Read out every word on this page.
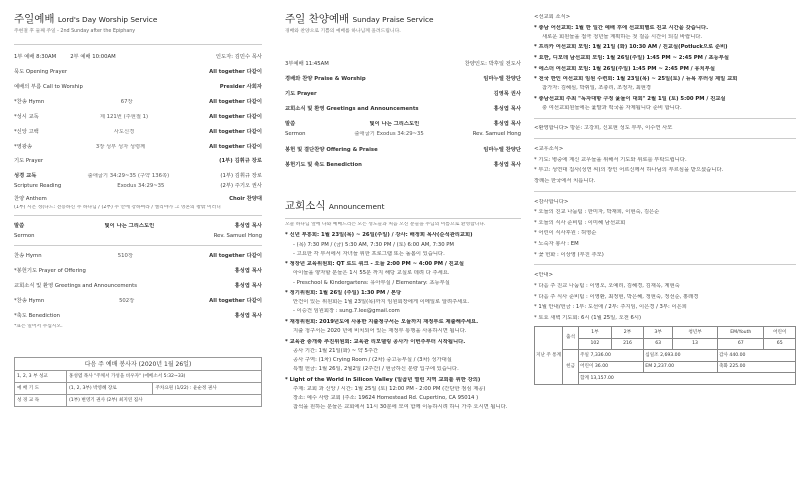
주일예배 Lord's Day Worship Service
주현절 후 둘째 주일 - 2nd Sunday after the Epiphany
1부 예배 8:30AM	2부 예배 10:00AM	인도자: 김민수 목사
묵도 Opening Prayer	All together 다같이
예배의 부름 Call to Worship	Presider 사회자
*찬송 Hymn	67장	All together 다같이
*성시 교독	제 121번 (주현절 1)	All together 다같이
*신앙 고백	사도신경	All together 다같이
*영광송	3장 성부 성자 성령께	All together 다같이
기도 Prayer	(1부) 김휘규 장로
성경 교독	출애굽기 34:29~35 (구약 136쪽)	(1부) 김휘규 장로
Scripture Reading	Exodus 34:29~35	(2부) 주기오 권사
찬양 Anthem	Choir 찬양대
(1부) 시온 성(다드: 전능하신 주 하나님 / (2부) 주 안에 강하여라 / 엘리야가 그 영혼의 창밖 이러니
말씀	빛이 나는 그리스도인	홍성엽 목사
Sermon	Rev. Samuel Hong
찬송 Hymn	510장	All together 다같이
*봉헌기도 Prayer of Offering	홍성엽 목사
교회소식 및 환영 Greetings and Announcements	홍성엽 목사
*찬송 Hymn	502장	All together 다같이
*축도 Benediction	홍성엽 목사
*표는 일어서 주십시오.
다음 주 예배 봉사자 (2020년 1월 26일)		
1, 2, 3 부 성교	홍성엽 목사 "주께서 가성을 비우자" (에베소서 5:32~33)	
예 배 기 도	(1, 2, 3부) 박영혜 장로	주차요원 (1/22) : 윤순정 권사
성 경 교 독	(1부) 변영기 권사 (2부) 최지연 집사	
주일 찬양예배 Sunday Praise Service
경배와 찬양으로 기쁨의 예배를 하나님께 올려드립니다.
3부예배 11:45AM	찬양인도: 박후일 전도사
경배와 찬양 Praise & Worship	임마누엘 찬양단
기도 Prayer	김영목 권사
교회소식 및 환영 Greetings and Announcements	홍성엽 목사
말씀	빛이 나는 그리스도인	홍성엽 목사
Sermon	출애굽기 Exodus 34:29~35	Rev. Samuel Hong
봉헌 및 결단찬양 Offering & Praise	임마누엘 찬양단
봉헌기도 및 축도 Benediction	홍성엽 목사
교회소식 Announcement
오늘 하나님 앞에 나와 예배드리는 모든 성도들과 처음 오신 분들을 주님의 이름으로 환영합니다.

* 신년 부흥회: 1월 23일(목) ~ 26일(주일) / 강사: 배정희 목사(순석관리교회)

- (목) 7:30 PM / (금) 5:30 AM, 7:30 PM / (토) 6:00 AM, 7:30 PM

- 고요한 각 부서에서 자녀들 위한 프로그램 또는 돌봄이 있습니다.

* 청장년 교육위원회: QT 로드 쿼크 - 오늘 2:00 PM ~ 4:00 PM / 친교실

아이들을 양자할 분들은 1시 55분 까지 해당 교실로 데려 다 주세요.

- Preschool & Kindergartens: 유아부실 / Elementary: 초등부실

* 정기위원회: 1월 26일 (주일) 1:30 PM / 본당

안건이 있는 위원회는 1월 23일(목)까지 임원회장에게 이메일로 알려주세요.

- 이승건 임원회장 : sung.7.lee@gmail.com

* 재정위원회: 2019년도에 사용한 지출청구서는 오늘까지 재정부로 제출해주세요.

지출 청구서는 2020 년에 비치되어 있는 재정부 통행을 사용하시면 됩니다.

* 교육관 증개축 추진위원회: 교육관 리모델링 공사가 이번주부터 시작됩니다.

공사 기간: 1월 21일(화) ~ 약 5주간

공사 구역: (1차) Crying Room / (2차) 중고등부실 / (3차) 성가대실

특별 헌금: 1월 26일, 2월2일 (2주간) / 현금하신 분량 입구에 있습니다.

* Light of the World in Silicon Valley (일곱년 열린 지역 교회를 위한 강의)

주제: 교회 과 신앙 / 시간: 1월 25일 (토) 12:00 PM - 2:00 PM (간단한 점심 제공)

장소: 예수 사랑 교회 (주소: 19624 Homestead Rd. Cupertino, CA 95014 )

참석을 원하는 분들은 교회에서 11시 30분에 모여 함께 이동하시려 하니 가주 오시면 됩니다.

<선교회 소식>

* 충남 어선교회: 1월 한 일간 예배 후에 선교회별로 친교 시간을 갖습니다.

새로운 회원들을 접극 청년들 계획하는 첫 걸음 시간이 되길 바랍니다.

* 프리카 여선교회 모임: 1월 21일 (화) 10:30 AM / 친교실(Potluck으로 준비)

* 요한, 디모데 남선교회 모임: 1월 26일(주일) 1:45 PM ~ 2:45 PM / 초등부실

* 에스더 여선교회 모임: 1월 26일(주일) 1:45 PM ~ 2:45 PM / 유치부실

* 전국 한인 여선교회 임원 수련회: 1월 23일(목) ~ 25일(토) / 뉴욕 후러싱 제일 교회

참가자: 김혜심, 박휘일, 조충리, 조정자, 최현경

* 충남선교회 주최 "독자대항 구정 윷놀이 대회" 2월 1일 (토) 5:00 PM / 친교실

충 여선교회원들에는 윷말과 떡국을 자제됩니다 준비 합니다.

<환영합니다> 방문: 고강희, 신효현 성도 부부, 이수연 사모

<교우소식>

* 기도: 병중에 계신 교우들을 위해서 기도와 위로를 부탁드립니다.

* 부고: 성연대 집사(성연 씨)의 장인 어르신께서 하나님의 부르심을 받으셨습니다.

장례는 한국에서 치릅니다.

<감사합니다>

* 오늘의 친교 나눔팀 : 한미자, 박재희, 이현숙, 김은순

* 오늘의 식사 준비팀 : 이미혜 남선교회

* 어린이 식사후원 : 허영순

* 노숙자 봉사 : EM

* 꽃 헌화 : 이상영 (부친 추모)

<안내>

* 다음 주 친교 나눔팀 : 이영오, 오예리, 김혜경, 김재옥, 계현숙

* 다음 주 식사 준비팀 : 이영환, 최정현, 박은혜, 정현숙, 정선순, 홍래경

* 1월 안내/헌금 : 1부: 도선애 / 2부: 주지임, 이은경 / 3부: 이은희

* 토요 새벽 기도회: 6시 (1월 25일, 오전 6시)

지난 주 통계	출석	1부	2부	3부	청년부	EM/Youth	어린이
		102	216	63	13	67	65
	헌금	주일 7,336.00		십일조 2,693.00		감사 440.00	
		어린이 36.00		EM 2,237.00		축화 225.00	
		합계 13,157.00					
